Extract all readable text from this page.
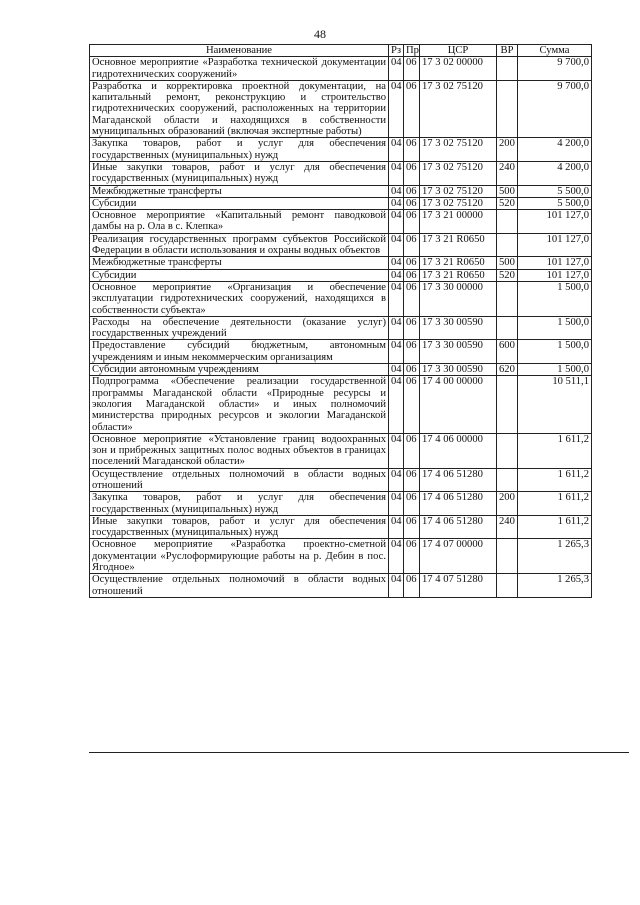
48
Наименование	Рз	Пр	ЦСР	ВР	Сумма
Основное мероприятие «Разработка технической документации гидротехнических сооружений»	04	06	17 3 02 00000		9 700,0
Разработка и корректировка проектной документации, на капитальный ремонт, реконструкцию и строительство гидротехнических сооружений, расположенных на территории Магаданской области и находящихся в собственности муниципальных образований (включая экспертные работы)	04	06	17 3 02 75120		9 700,0
Закупка товаров, работ и услуг для обеспечения государственных (муниципальных) нужд	04	06	17 3 02 75120	200	4 200,0
Иные закупки товаров, работ и услуг для обеспечения государственных (муниципальных) нужд	04	06	17 3 02 75120	240	4 200,0
Межбюджетные трансферты	04	06	17 3 02 75120	500	5 500,0
Субсидии	04	06	17 3 02 75120	520	5 500,0
Основное мероприятие «Капитальный ремонт паводковой дамбы на р. Ола в с. Клепка»	04	06	17 3 21 00000		101 127,0
Реализация государственных программ субъектов Российской Федерации в области использования и охраны водных объектов	04	06	17 3 21 R0650		101 127,0
Межбюджетные трансферты	04	06	17 3 21 R0650	500	101 127,0
Субсидии	04	06	17 3 21 R0650	520	101 127,0
Основное мероприятие «Организация и обеспечение эксплуатации гидротехнических сооружений, находящихся в собственности субъекта»	04	06	17 3 30 00000		1 500,0
Расходы на обеспечение деятельности (оказание услуг) государственных учреждений	04	06	17 3 30 00590		1 500,0
Предоставление субсидий бюджетным, автономным учреждениям и иным некоммерческим организациям	04	06	17 3 30 00590	600	1 500,0
Субсидии автономным учреждениям	04	06	17 3 30 00590	620	1 500,0
Подпрограмма «Обеспечение реализации государственной программы Магаданской области «Природные ресурсы и экология Магаданской области» и иных полномочий министерства природных ресурсов и экологии Магаданской области»	04	06	17 4 00 00000		10 511,1
Основное мероприятие «Установление границ водоохранных зон и прибрежных защитных полос водных объектов в границах поселений Магаданской области»	04	06	17 4 06 00000		1 611,2
Осуществление отдельных полномочий в области водных отношений	04	06	17 4 06 51280		1 611,2
Закупка товаров, работ и услуг для обеспечения государственных (муниципальных) нужд	04	06	17 4 06 51280	200	1 611,2
Иные закупки товаров, работ и услуг для обеспечения государственных (муниципальных) нужд	04	06	17 4 06 51280	240	1 611,2
Основное мероприятие «Разработка проектно-сметной документации «Руслоформирующие работы на р. Дебин в пос. Ягодное»	04	06	17 4 07 00000		1 265,3
Осуществление отдельных полномочий в области водных отношений	04	06	17 4 07 51280		1 265,3
